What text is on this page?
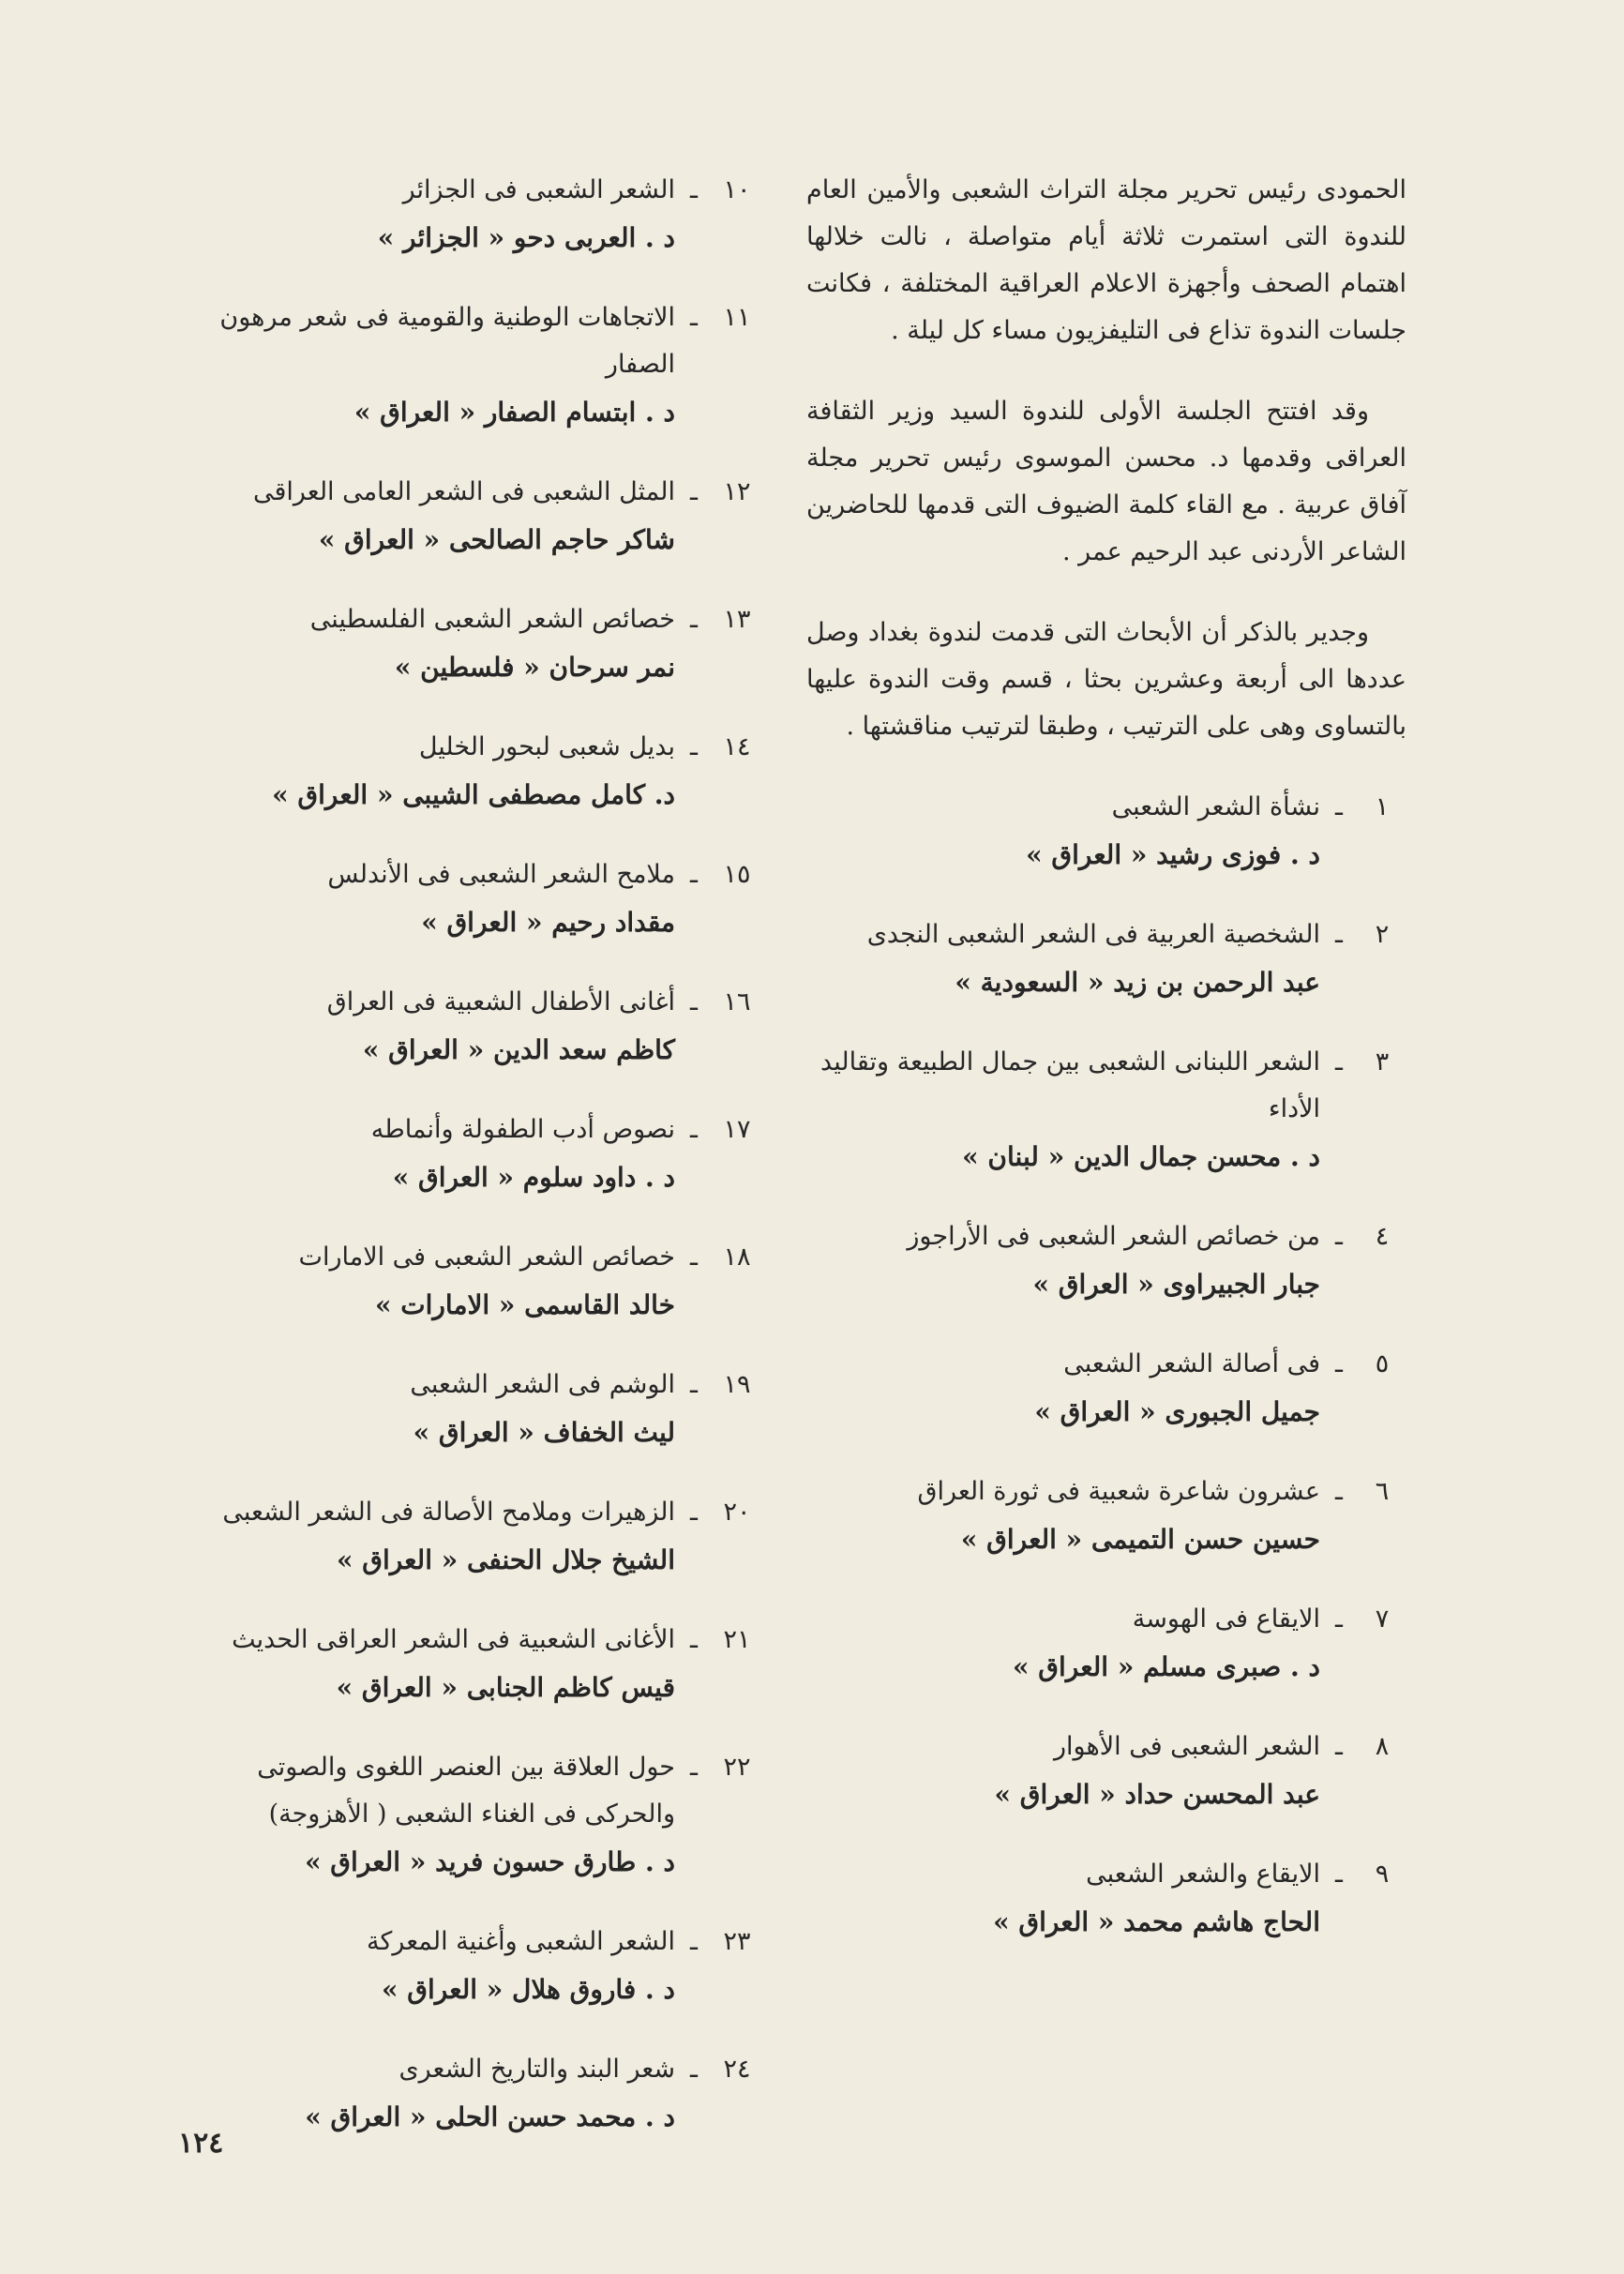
الحمودى رئيس تحرير مجلة التراث الشعبى والأمين العام للندوة التى استمرت ثلاثة أيام متواصلة ، نالت خلالها اهتمام الصحف وأجهزة الاعلام العراقية المختلفة ، فكانت جلسات الندوة تذاع فى التليفزيون مساء كل ليلة .

وقد افتتح الجلسة الأولى للندوة السيد وزير الثقافة العراقى وقدمها د. محسن الموسوى رئيس تحرير مجلة آفاق عربية . مع القاء كلمة الضيوف التى قدمها للحاضرين الشاعر الأردنى عبد الرحيم عمر .

وجدير بالذكر أن الأبحاث التى قدمت لندوة بغداد وصل عددها الى أربعة وعشرين بحثا ، قسم وقت الندوة عليها بالتساوى وهى على الترتيب ، وطبقا لترتيب مناقشتها .

١
ـ
نشأة الشعر الشعبى
د . فوزى رشيد « العراق »
٢
ـ
الشخصية العربية فى الشعر الشعبى النجدى
عبد الرحمن بن زيد « السعودية »
٣
ـ
الشعر اللبنانى الشعبى بين جمال الطبيعة وتقاليد الأداء
د . محسن جمال الدين « لبنان »
٤
ـ
من خصائص الشعر الشعبى فى الأراجوز
جبار الجبيراوى « العراق »
٥
ـ
فى أصالة الشعر الشعبى
جميل الجبورى « العراق »
٦
ـ
عشرون شاعرة شعبية فى ثورة العراق
حسين حسن التميمى « العراق »
٧
ـ
الايقاع فى الهوسة
د . صبرى مسلم « العراق »
٨
ـ
الشعر الشعبى فى الأهوار
عبد المحسن حداد « العراق »
٩
ـ
الايقاع والشعر الشعبى
الحاج هاشم محمد « العراق »
١٠
ـ
الشعر الشعبى فى الجزائر
د . العربى دحو « الجزائر »
١١
ـ
الاتجاهات الوطنية والقومية فى شعر مرهون الصفار
د . ابتسام الصفار « العراق »
١٢
ـ
المثل الشعبى فى الشعر العامى العراقى
شاكر حاجم الصالحى « العراق »
١٣
ـ
خصائص الشعر الشعبى الفلسطينى
نمر سرحان « فلسطين »
١٤
ـ
بديل شعبى لبحور الخليل
د. كامل مصطفى الشيبى « العراق »
١٥
ـ
ملامح الشعر الشعبى فى الأندلس
مقداد رحيم « العراق »
١٦
ـ
أغانى الأطفال الشعبية فى العراق
كاظم سعد الدين « العراق »
١٧
ـ
نصوص أدب الطفولة وأنماطه
د . داود سلوم « العراق »
١٨
ـ
خصائص الشعر الشعبى فى الامارات
خالد القاسمى « الامارات »
١٩
ـ
الوشم فى الشعر الشعبى
ليث الخفاف « العراق »
٢٠
ـ
الزهيرات وملامح الأصالة فى الشعر الشعبى
الشيخ جلال الحنفى « العراق »
٢١
ـ
الأغانى الشعبية فى الشعر العراقى الحديث
قيس كاظم الجنابى « العراق »
٢٢
ـ
حول العلاقة بين العنصر اللغوى والصوتى والحركى فى الغناء الشعبى ( الأهزوجة)
د . طارق حسون فريد « العراق »
٢٣
ـ
الشعر الشعبى وأغنية المعركة
د . فاروق هلال « العراق »
٢٤
ـ
شعر البند والتاريخ الشعرى
د . محمد حسن الحلى « العراق »
١٢٤
